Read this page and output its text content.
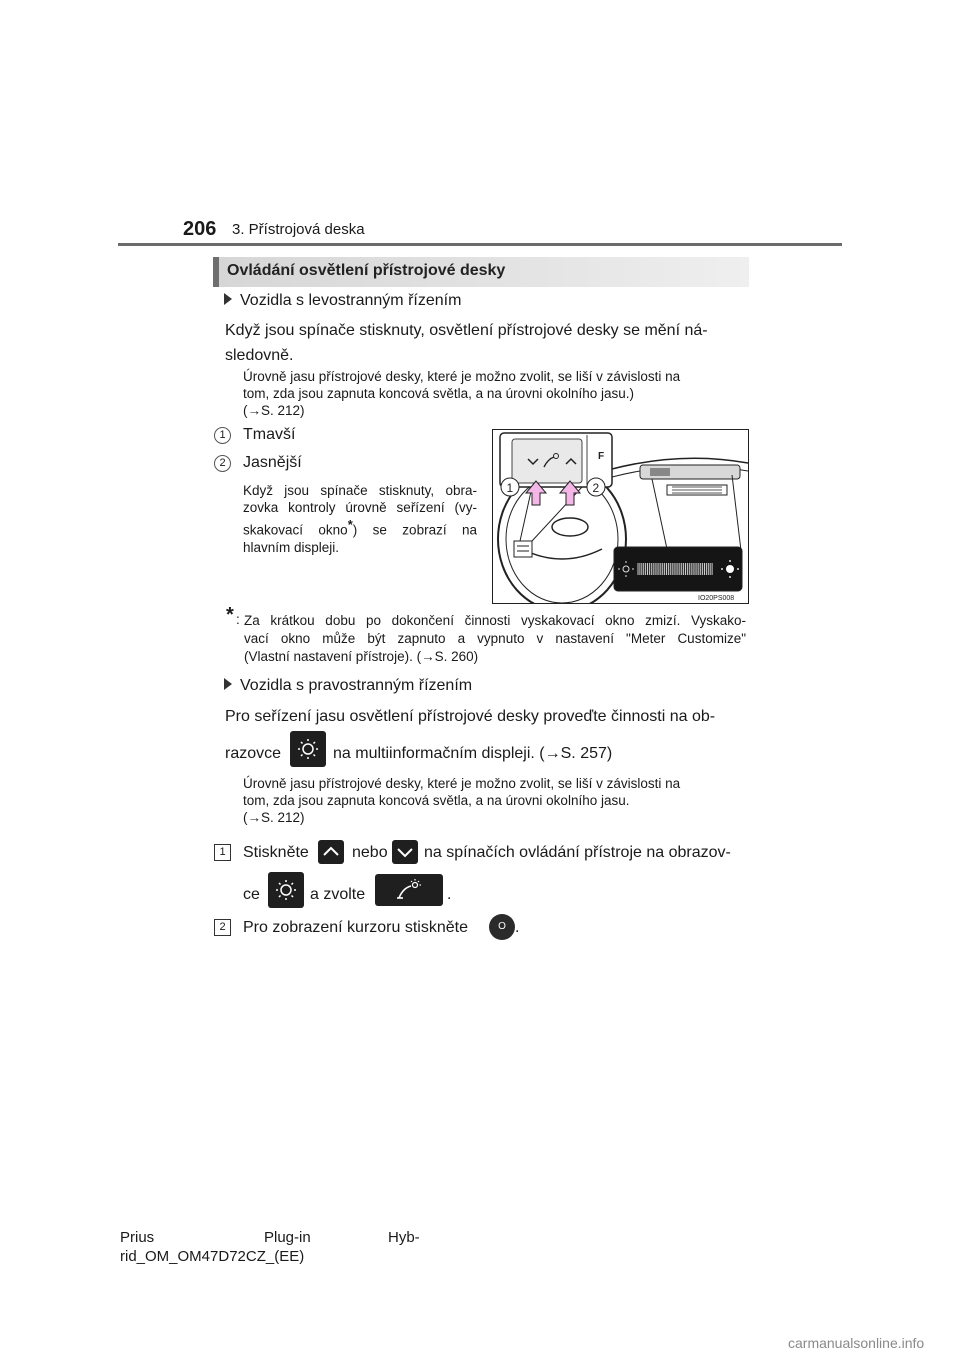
206 3. Přístrojová deska
Ovládání osvětlení přístrojové desky
Vozidla s levostranným řízením
Když jsou spínače stisknuty, osvětlení přístrojové desky se mění ná-
sledovně.
Úrovně jasu přístrojové desky, které je možno zvolit, se liší v závislosti na
tom, zda jsou zapnuta koncová světla, a na úrovni okolního jasu.)
(→S. 212)
1	Tmavší
2	Jasnější
Když jsou spínače stisknuty, obra-
zovka kontroly úrovně seřízení (vy-
skakovací okno*) se zobrazí na
hlavním displeji.
F
1	2
IO20PS008
* : Za krátkou dobu po dokončení činnosti vyskakovací okno zmizí. Vyskako-
vací okno může být zapnuto a vypnuto v nastavení "Meter Customize"
(Vlastní nastavení přístroje). (→S. 260)
Vozidla s pravostranným řízením
Pro seřízení jasu osvětlení přístrojové desky proveďte činnosti na ob-
razovce	na multiinformačním displeji. (→S. 257)
Úrovně jasu přístrojové desky, které je možno zvolit, se liší v závislosti na
tom, zda jsou zapnuta koncová světla, a na úrovni okolního jasu.
(→S. 212)
1	Stiskněte	nebo na spínačích ovládání přístroje na obrazov-
ce	a zvolte	.
2	Pro zobrazení kurzoru stiskněte	O .
Prius	Plug-in	Hyb-
rid_OM_OM47D72CZ_(EE)
carmanualsonline.info
